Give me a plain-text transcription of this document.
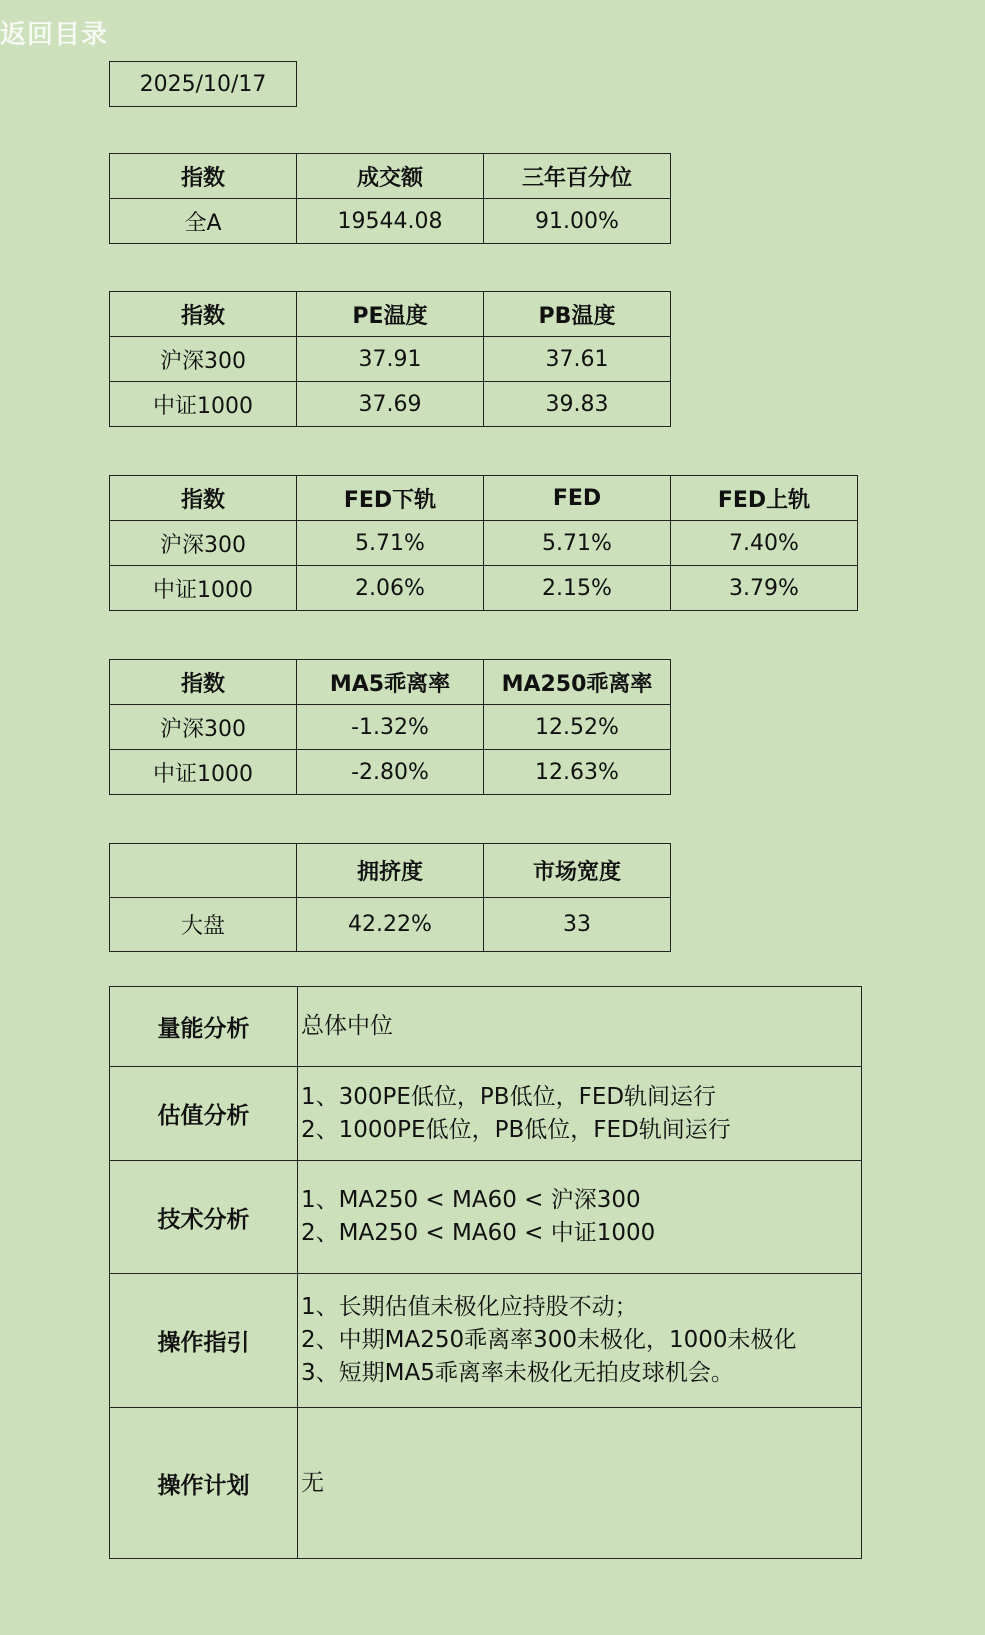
返回目录
2025/10/17
指数	成交额	三年百分位
全A	19544.08	91.00%
指数	PE温度	PB温度
沪深300	37.91	37.61
中证1000	37.69	39.83
指数	FED下轨	FED	FED上轨
沪深300	5.71%	5.71%	7.40%
中证1000	2.06%	2.15%	3.79%
指数	MA5乖离率	MA250乖离率
沪深300	-1.32%	12.52%
中证1000	-2.80%	12.63%
	拥挤度	市场宽度
大盘	42.22%	33
量能分析	总体中位

估值分析	1、300PE低位，PB低位，FED轨间运行
2、1000PE低位，PB低位，FED轨间运行

技术分析	1、MA250 < MA60 < 沪深300
2、MA250 < MA60 < 中证1000

操作指引	1、长期估值未极化应持股不动；
2、中期MA250乖离率300未极化，1000未极化
3、短期MA5乖离率未极化无拍皮球机会。

操作计划	无
